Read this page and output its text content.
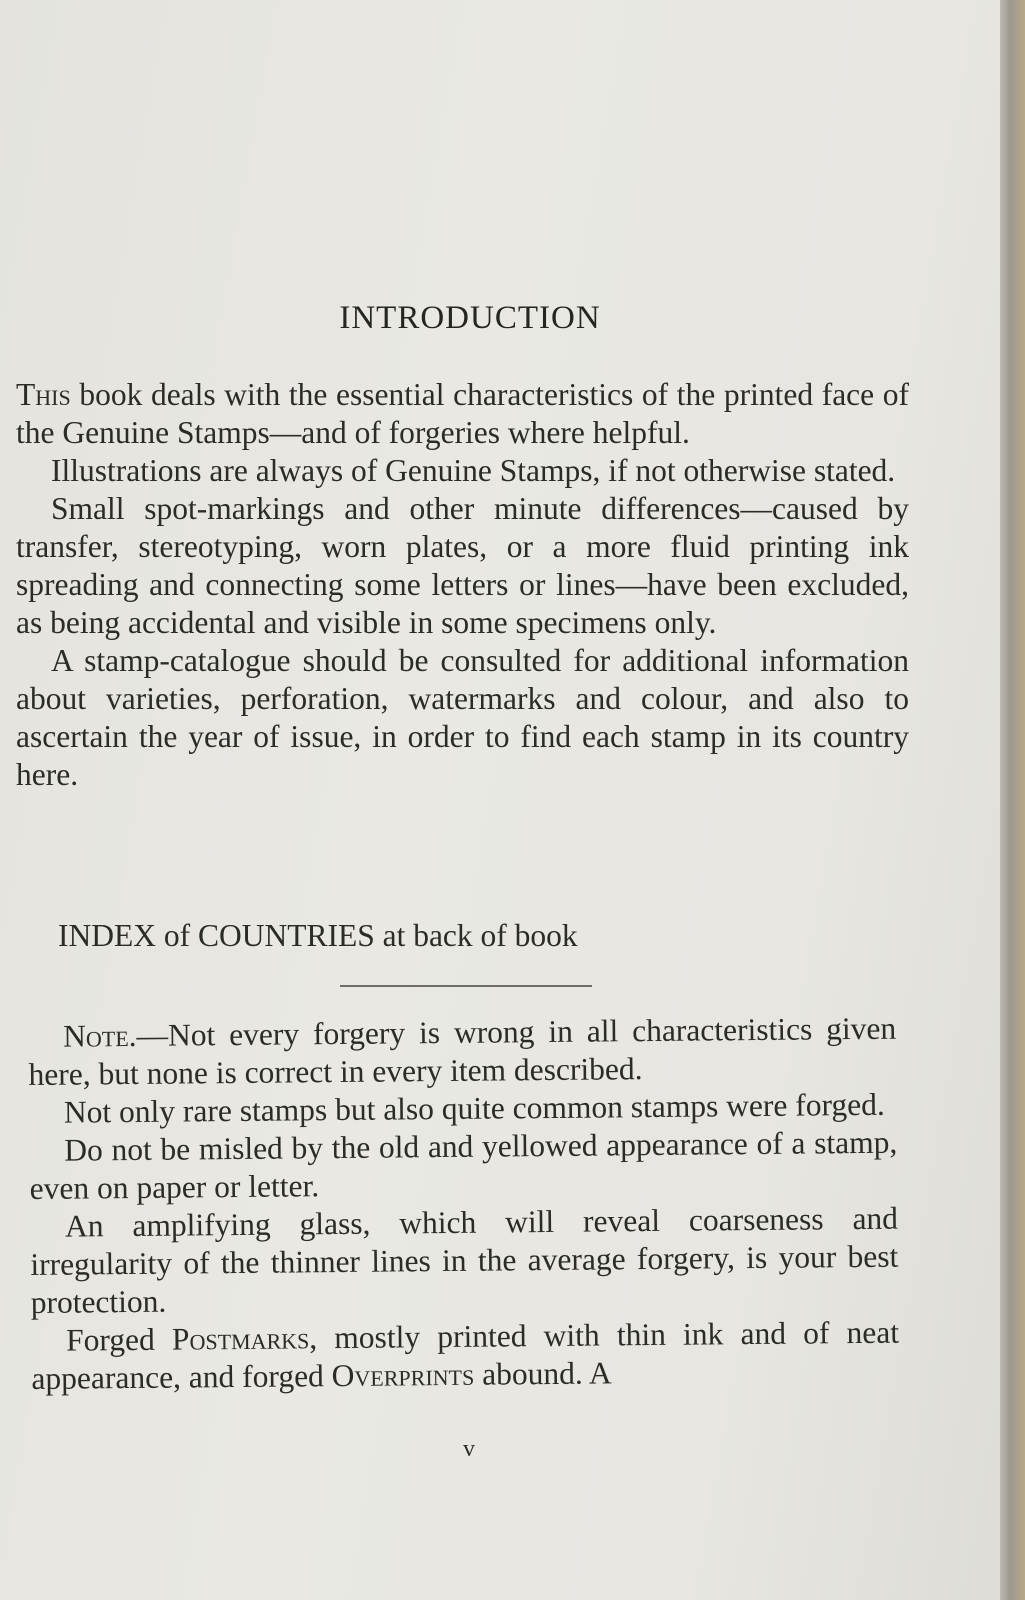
INTRODUCTION

This book deals with the essential characteristics of the printed face of the Genuine Stamps—and of forgeries where helpful.

Illustrations are always of Genuine Stamps, if not otherwise stated.

Small spot-markings and other minute differences—caused by transfer, stereotyping, worn plates, or a more fluid printing ink spreading and connecting some letters or lines—have been excluded, as being accidental and visible in some specimens only.

A stamp-catalogue should be consulted for additional information about varieties, perforation, watermarks and colour, and also to ascertain the year of issue, in order to find each stamp in its country here.

INDEX of COUNTRIES at back of book

Note.—Not every forgery is wrong in all characteristics given here, but none is correct in every item described.

Not only rare stamps but also quite common stamps were forged.

Do not be misled by the old and yellowed appearance of a stamp, even on paper or letter.

An amplifying glass, which will reveal coarseness and irregularity of the thinner lines in the average forgery, is your best protection.

Forged Postmarks, mostly printed with thin ink and of neat appearance, and forged Overprints abound. A

v
